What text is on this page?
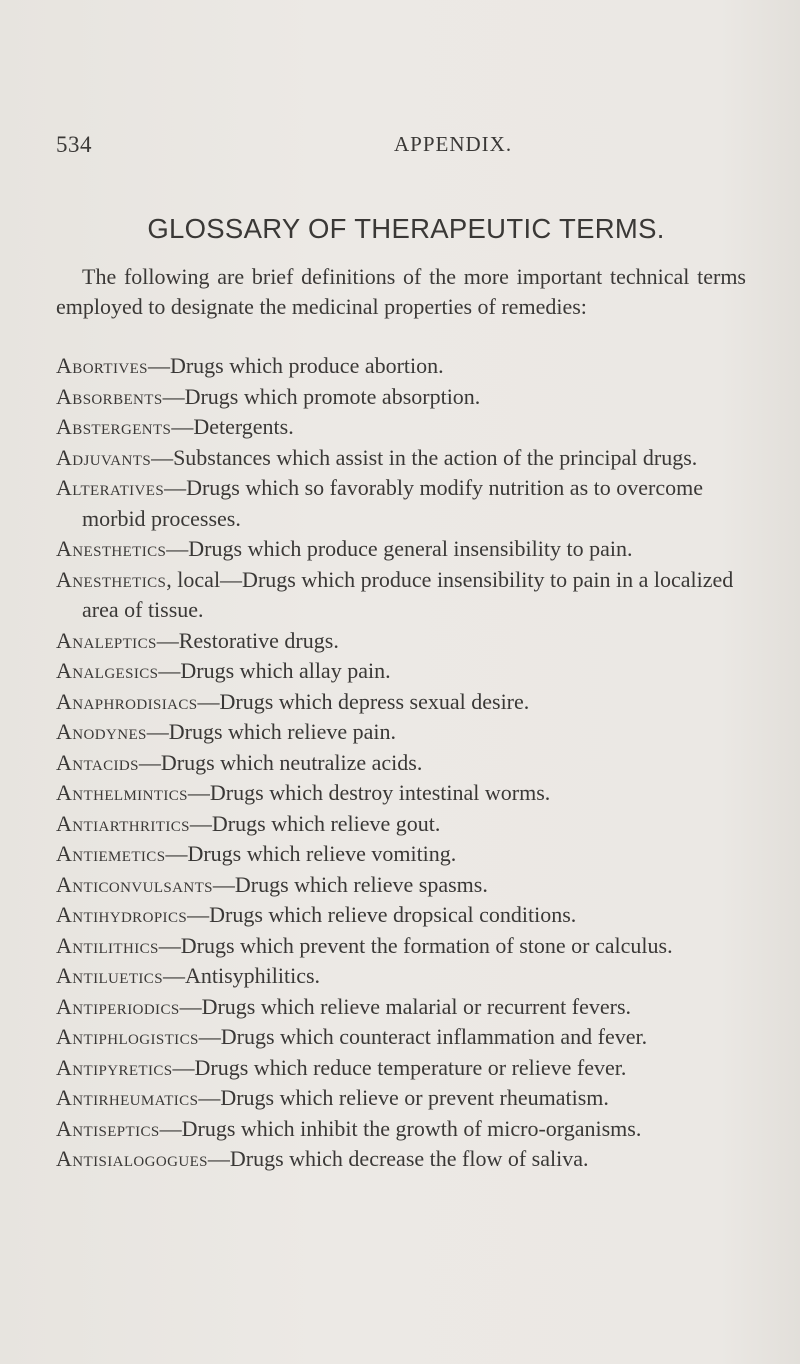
534	APPENDIX.
GLOSSARY OF THERAPEUTIC TERMS.
The following are brief definitions of the more important technical terms employed to designate the medicinal properties of remedies:
Abortives—Drugs which produce abortion.
Absorbents—Drugs which promote absorption.
Abstergents—Detergents.
Adjuvants—Substances which assist in the action of the principal drugs.
Alteratives—Drugs which so favorably modify nutrition as to overcome morbid processes.
Anesthetics—Drugs which produce general insensibility to pain.
Anesthetics, local—Drugs which produce insensibility to pain in a localized area of tissue.
Analeptics—Restorative drugs.
Analgesics—Drugs which allay pain.
Anaphrodisiacs—Drugs which depress sexual desire.
Anodynes—Drugs which relieve pain.
Antacids—Drugs which neutralize acids.
Anthelmintics—Drugs which destroy intestinal worms.
Antiarthritics—Drugs which relieve gout.
Antiemetics—Drugs which relieve vomiting.
Anticonvulsants—Drugs which relieve spasms.
Antihydropics—Drugs which relieve dropsical conditions.
Antilithics—Drugs which prevent the formation of stone or calculus.
Antiluetics—Antisyphilitics.
Antiperiodics—Drugs which relieve malarial or recurrent fevers.
Antiphlogistics—Drugs which counteract inflammation and fever.
Antipyretics—Drugs which reduce temperature or relieve fever.
Antirheumatics—Drugs which relieve or prevent rheumatism.
Antiseptics—Drugs which inhibit the growth of micro-organisms.
Antisialogogues—Drugs which decrease the flow of saliva.
